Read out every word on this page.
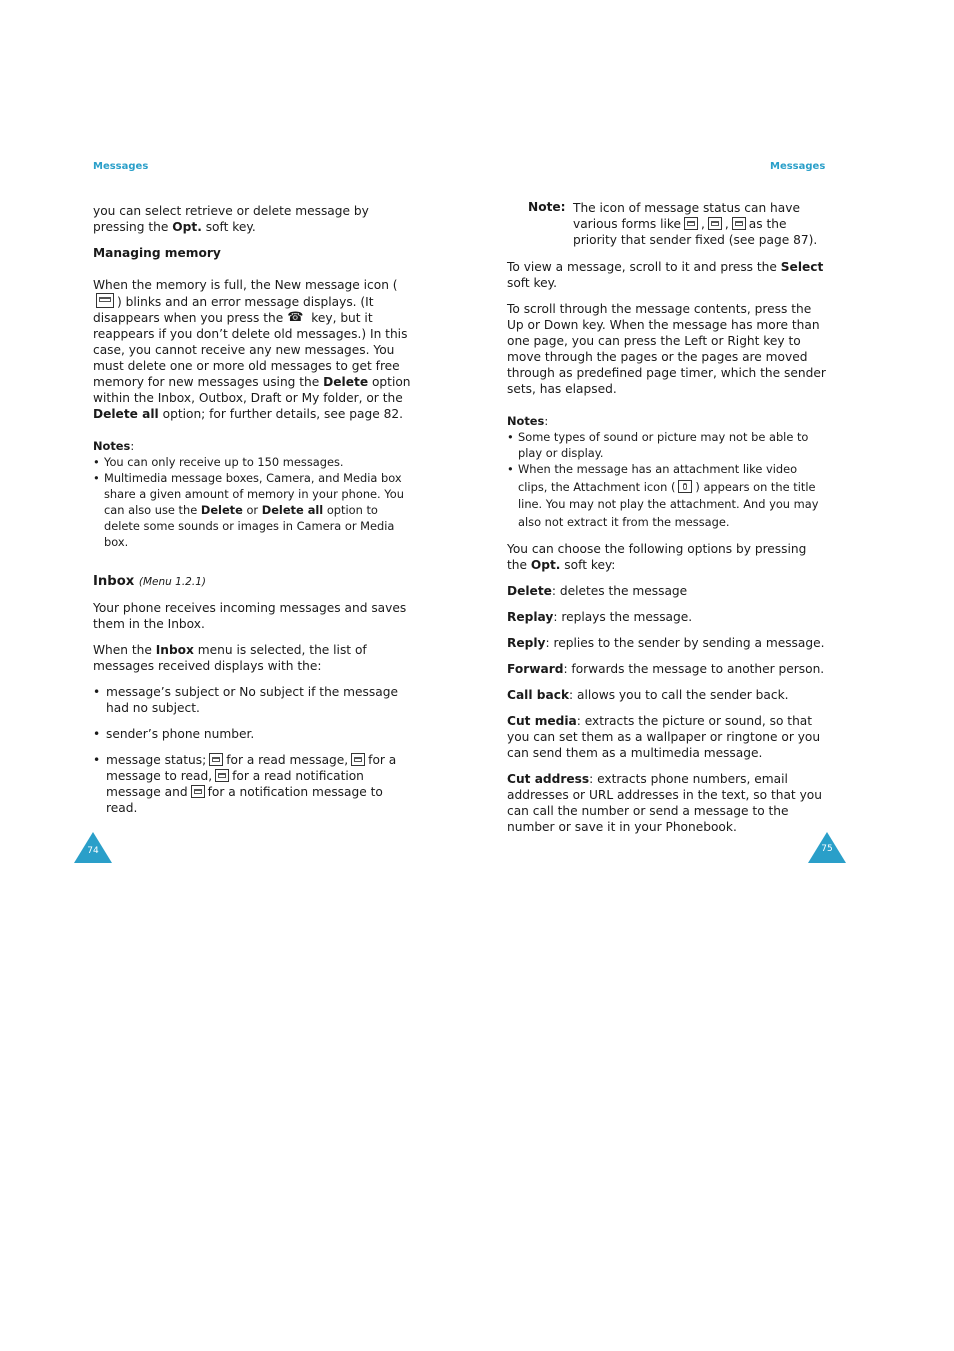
Messages	Messages

you can select retrieve or delete message by pressing the Opt. soft key.

Managing memory

When the memory is full, the New message icon () blinks and an error message displays. (It disappears when you press the ☎ key, but it reappears if you don’t delete old messages.) In this case, you cannot receive any new messages. You must delete one or more old messages to get free memory for new messages using the Delete option within the Inbox, Outbox, Draft or My folder, or the Delete all option; for further details, see page 82.

Notes:

• You can only receive up to 150 messages.

• Multimedia message boxes, Camera, and Media box share a given amount of memory in your phone. You can also use the Delete or Delete all option to delete some sounds or images in Camera or Media box.

Inbox (Menu 1.2.1)

Your phone receives incoming messages and saves them in the Inbox.

When the Inbox menu is selected, the list of messages received displays with the:

• message’s subject or No subject if the message had no subject.

• sender’s phone number.

• message status; for a read message, for a message to read, for a read notification message and for a notification message to read.

Note: The icon of message status can have various forms like , , as the priority that sender fixed (see page 87).

To view a message, scroll to it and press the Select soft key.

To scroll through the message contents, press the Up or Down key. When the message has more than one page, you can press the Left or Right key to move through the pages or the pages are moved through as predefined page timer, which the sender sets, has elapsed.

Notes:

• Some types of sound or picture may not be able to play or display.

• When the message has an attachment like video clips, the Attachment icon ( ) appears on the title line. You may not play the attachment. And you may also not extract it from the message.

You can choose the following options by pressing the Opt. soft key:

Delete: deletes the message

Replay: replays the message.

Reply: replies to the sender by sending a message.

Forward: forwards the message to another person.

Call back: allows you to call the sender back.

Cut media: extracts the picture or sound, so that you can set them as a wallpaper or ringtone or you can send them as a multimedia message.

Cut address: extracts phone numbers, email addresses or URL addresses in the text, so that you can call the number or send a message to the number or save it in your Phonebook.

74	75
